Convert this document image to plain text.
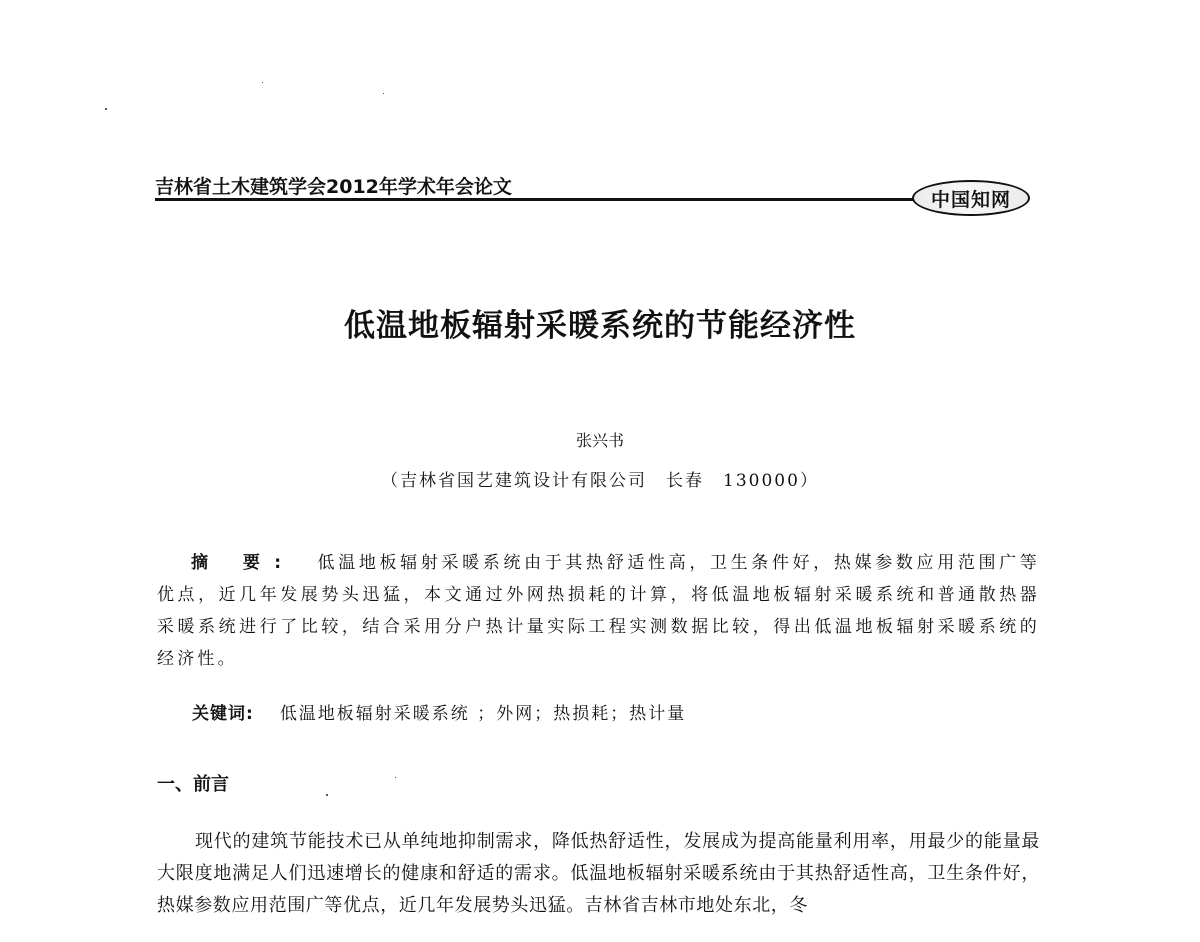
吉林省土木建筑学会2012年学术年会论文
中国知网
低温地板辐射采暖系统的节能经济性
张兴书
（吉林省国艺建筑设计有限公司　长春　130000）
摘 要: 低温地板辐射采暖系统由于其热舒适性高，卫生条件好，热媒参数应用范围广等优点，近几年发展势头迅猛，本文通过外网热损耗的计算，将低温地板辐射采暖系统和普通散热器采暖系统进行了比较，结合采用分户热计量实际工程实测数据比较，得出低温地板辐射采暖系统的经济性。
关键词: 低温地板辐射采暖系统 ；外网；热损耗；热计量
一、前言
现代的建筑节能技术已从单纯地抑制需求，降低热舒适性，发展成为提高能量利用率，用最少的能量最大限度地满足人们迅速增长的健康和舒适的需求。低温地板辐射采暖系统由于其热舒适性高，卫生条件好，热媒参数应用范围广等优点，近几年发展势头迅猛。吉林省吉林市地处东北，冬
